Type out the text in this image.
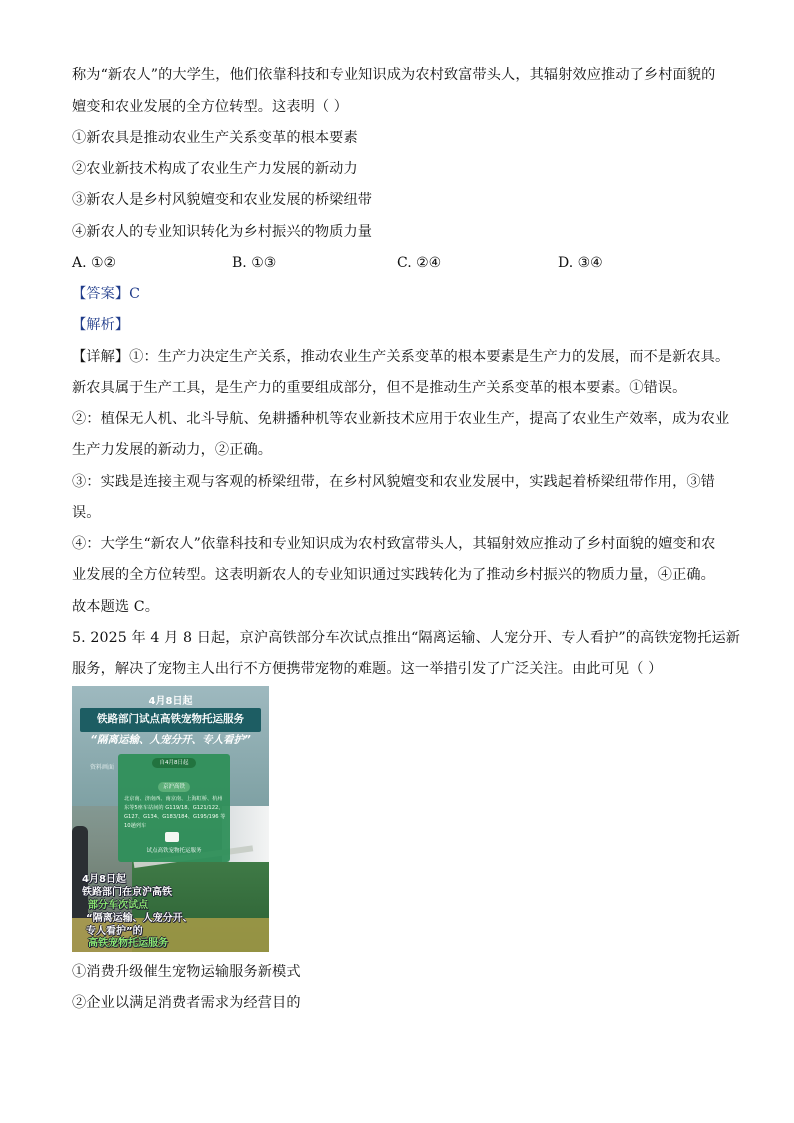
称为“新农人”的大学生，他们依靠科技和专业知识成为农村致富带头人，其辐射效应推动了乡村面貌的
嬗变和农业发展的全方位转型。这表明（ ）
①新农具是推动农业生产关系变革的根本要素
②农业新技术构成了农业生产力发展的新动力
③新农人是乡村风貌嬗变和农业发展的桥梁纽带
④新农人的专业知识转化为乡村振兴的物质力量
A. ①②	B. ①③	C. ②④	D. ③④
【答案】C
【解析】
【详解】①：生产力决定生产关系，推动农业生产关系变革的根本要素是生产力的发展，而不是新农具。
新农具属于生产工具，是生产力的重要组成部分，但不是推动生产关系变革的根本要素。①错误。
②：植保无人机、北斗导航、免耕播种机等农业新技术应用于农业生产，提高了农业生产效率，成为农业
生产力发展的新动力，②正确。
③：实践是连接主观与客观的桥梁纽带，在乡村风貌嬗变和农业发展中，实践起着桥梁纽带作用，③错
误。
④：大学生“新农人”依靠科技和专业知识成为农村致富带头人，其辐射效应推动了乡村面貌的嬗变和农
业发展的全方位转型。这表明新农人的专业知识通过实践转化为了推动乡村振兴的物质力量，④正确。
故本题选 C。
5. 2025 年 4 月 8 日起，京沪高铁部分车次试点推出“隔离运输、人宠分开、专人看护”的高铁宠物托运新
服务，解决了宠物主人出行不方便携带宠物的难题。这一举措引发了广泛关注。由此可见（ ）
4月8日起
铁路部门试点高铁宠物托运服务
“隔离运输、人宠分开、专人看护”
资料画面
自4月8日起
京沪高铁
北京南、济南西、南京南、上海虹桥、杭州东等5座车站间的 G119/18、G121/122、G127、G134、G183/184、G195/196 等10趟列车
试点高铁宠物托运服务
4月8日起
铁路部门在京沪高铁
部分车次试点
“隔离运输、人宠分开、
专人看护”的
高铁宠物托运服务
①消费升级催生宠物运输服务新模式
②企业以满足消费者需求为经营目的
